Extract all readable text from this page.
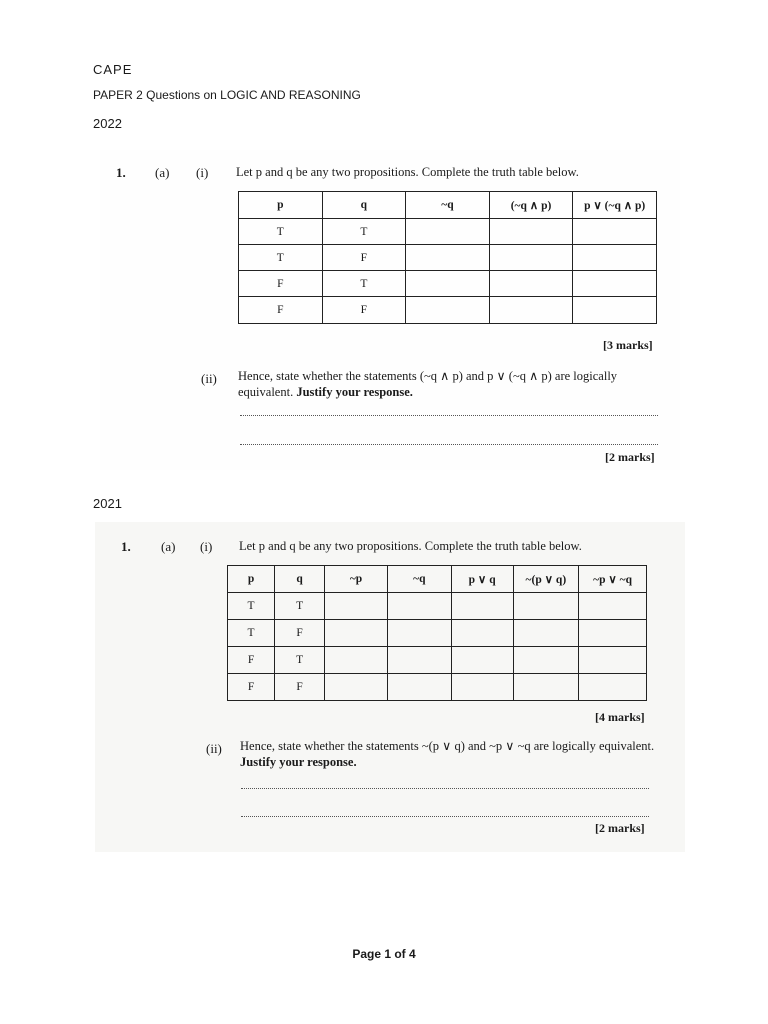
CAPE
PAPER 2 Questions on LOGIC AND REASONING
2022
1. (a) (i) Let p and q be any two propositions. Complete the truth table below.
p	q	~q	(~q ∧ p)	p ∨ (~q ∧ p)
T	T			
T	F			
F	T			
F	F			
[3 marks]
(ii) Hence, state whether the statements (~q ∧ p) and p ∨ (~q ∧ p) are logically
equivalent. Justify your response.
[2 marks]
2021
1. (a) (i) Let p and q be any two propositions. Complete the truth table below.
p	q	~p	~q	p ∨ q	~(p ∨ q)	~p ∨ ~q
T	T					
T	F					
F	T					
F	F					
[4 marks]
(ii) Hence, state whether the statements ~(p ∨ q) and ~p ∨ ~q are logically equivalent.
Justify your response.
[2 marks]
Page 1 of 4
